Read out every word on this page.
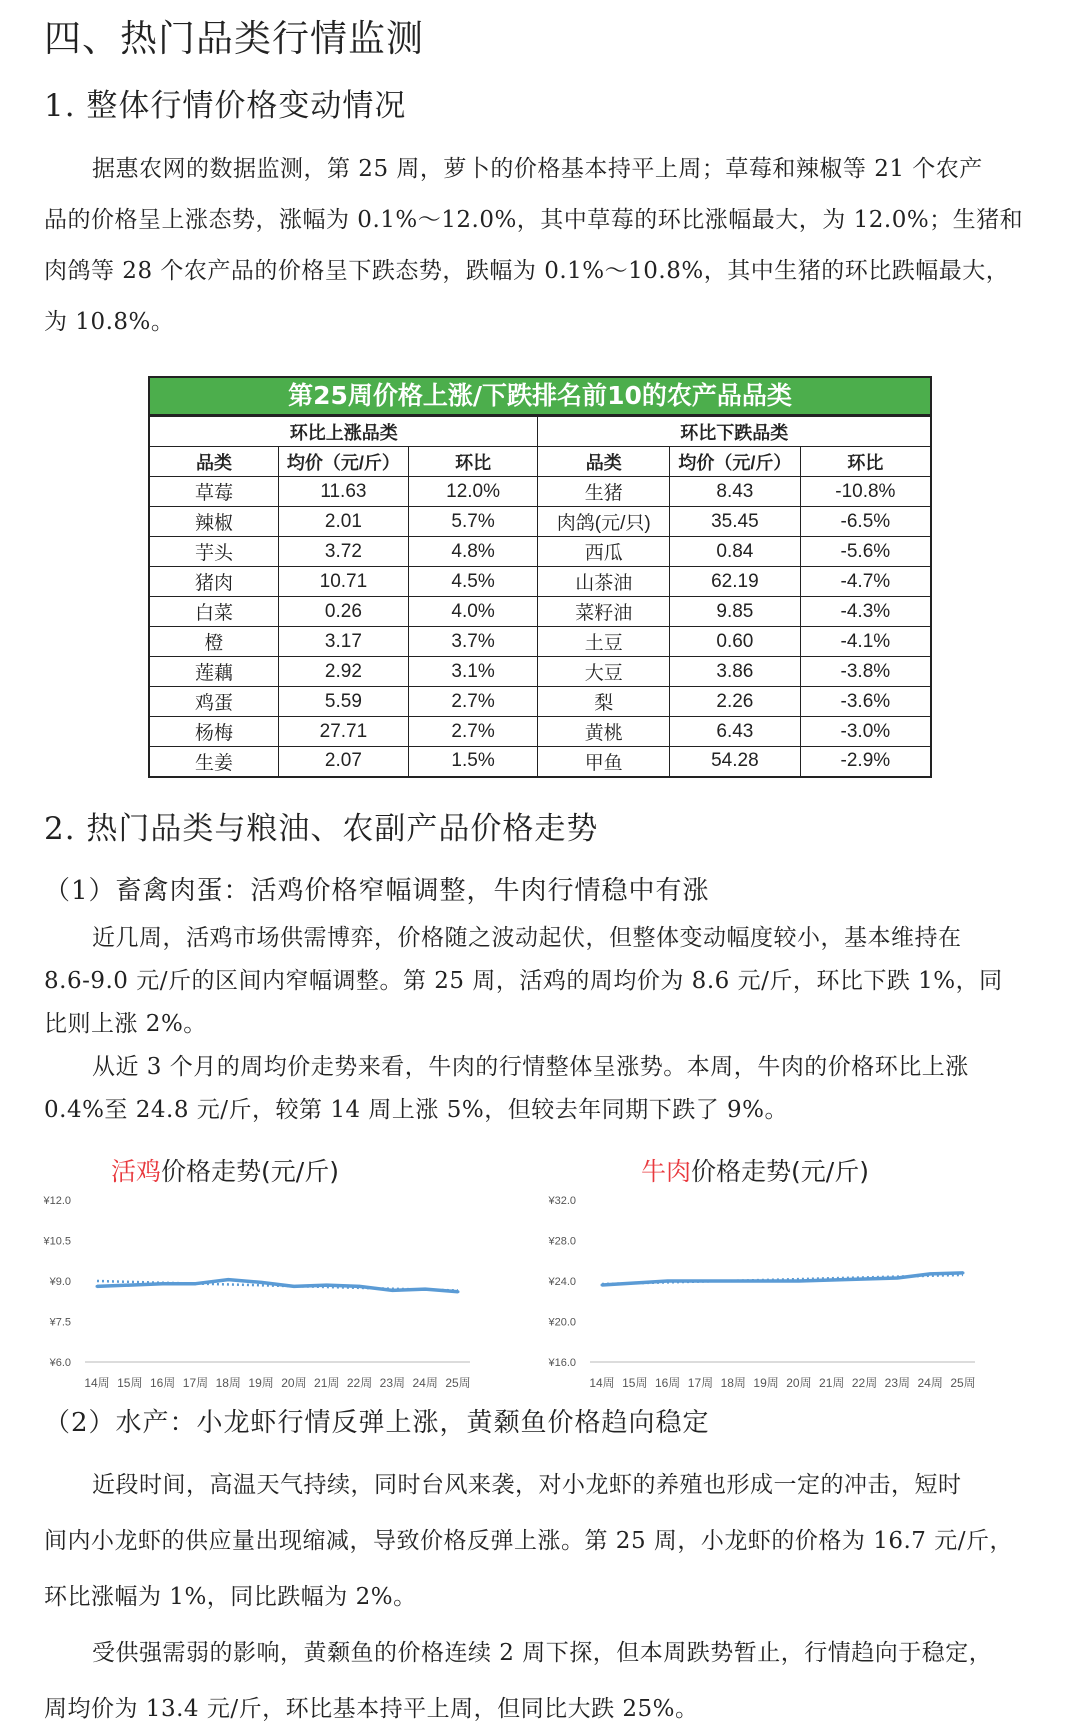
四、热门品类行情监测
1. 整体行情价格变动情况
据惠农网的数据监测，第 25 周，萝卜的价格基本持平上周；草莓和辣椒等 21 个农产
品的价格呈上涨态势，涨幅为 0.1%～12.0%，其中草莓的环比涨幅最大，为 12.0%；生猪和
肉鸽等 28 个农产品的价格呈下跌态势，跌幅为 0.1%～10.8%，其中生猪的环比跌幅最大，
为 10.8%。
第25周价格上涨/下跌排名前10的农产品品类
环比上涨品类			环比下跌品类		
品类	均价（元/斤）	环比	品类	均价（元/斤）	环比
草莓	11.63	12.0%	生猪	8.43	-10.8%
辣椒	2.01	5.7%	肉鸽(元/只)	35.45	-6.5%
芋头	3.72	4.8%	西瓜	0.84	-5.6%
猪肉	10.71	4.5%	山茶油	62.19	-4.7%
白菜	0.26	4.0%	菜籽油	9.85	-4.3%
橙	3.17	3.7%	土豆	0.60	-4.1%
莲藕	2.92	3.1%	大豆	3.86	-3.8%
鸡蛋	5.59	2.7%	梨	2.26	-3.6%
杨梅	27.71	2.7%	黄桃	6.43	-3.0%
生姜	2.07	1.5%	甲鱼	54.28	-2.9%
2. 热门品类与粮油、农副产品价格走势
（1）畜禽肉蛋：活鸡价格窄幅调整，牛肉行情稳中有涨
近几周，活鸡市场供需博弈，价格随之波动起伏，但整体变动幅度较小，基本维持在
8.6-9.0 元/斤的区间内窄幅调整。第 25 周，活鸡的周均价为 8.6 元/斤，环比下跌 1%，同
比则上涨 2%。
从近 3 个月的周均价走势来看，牛肉的行情整体呈涨势。本周，牛肉的价格环比上涨
0.4%至 24.8 元/斤，较第 14 周上涨 5%，但较去年同期下跌了 9%。
活鸡价格走势(元/斤)
¥6.0
¥7.5
¥9.0
¥10.5
¥12.0
14周 15周 16周 17周 18周 19周 20周 21周 22周 23周 24周 25周
牛肉价格走势(元/斤)
¥16.0
¥20.0
¥24.0
¥28.0
¥32.0
14周 15周 16周 17周 18周 19周 20周 21周 22周 23周 24周 25周
（2）水产：小龙虾行情反弹上涨，黄颡鱼价格趋向稳定
近段时间，高温天气持续，同时台风来袭，对小龙虾的养殖也形成一定的冲击，短时
间内小龙虾的供应量出现缩减，导致价格反弹上涨。第 25 周，小龙虾的价格为 16.7 元/斤，
环比涨幅为 1%，同比跌幅为 2%。
受供强需弱的影响，黄颡鱼的价格连续 2 周下探，但本周跌势暂止，行情趋向于稳定，
周均价为 13.4 元/斤，环比基本持平上周，但同比大跌 25%。
